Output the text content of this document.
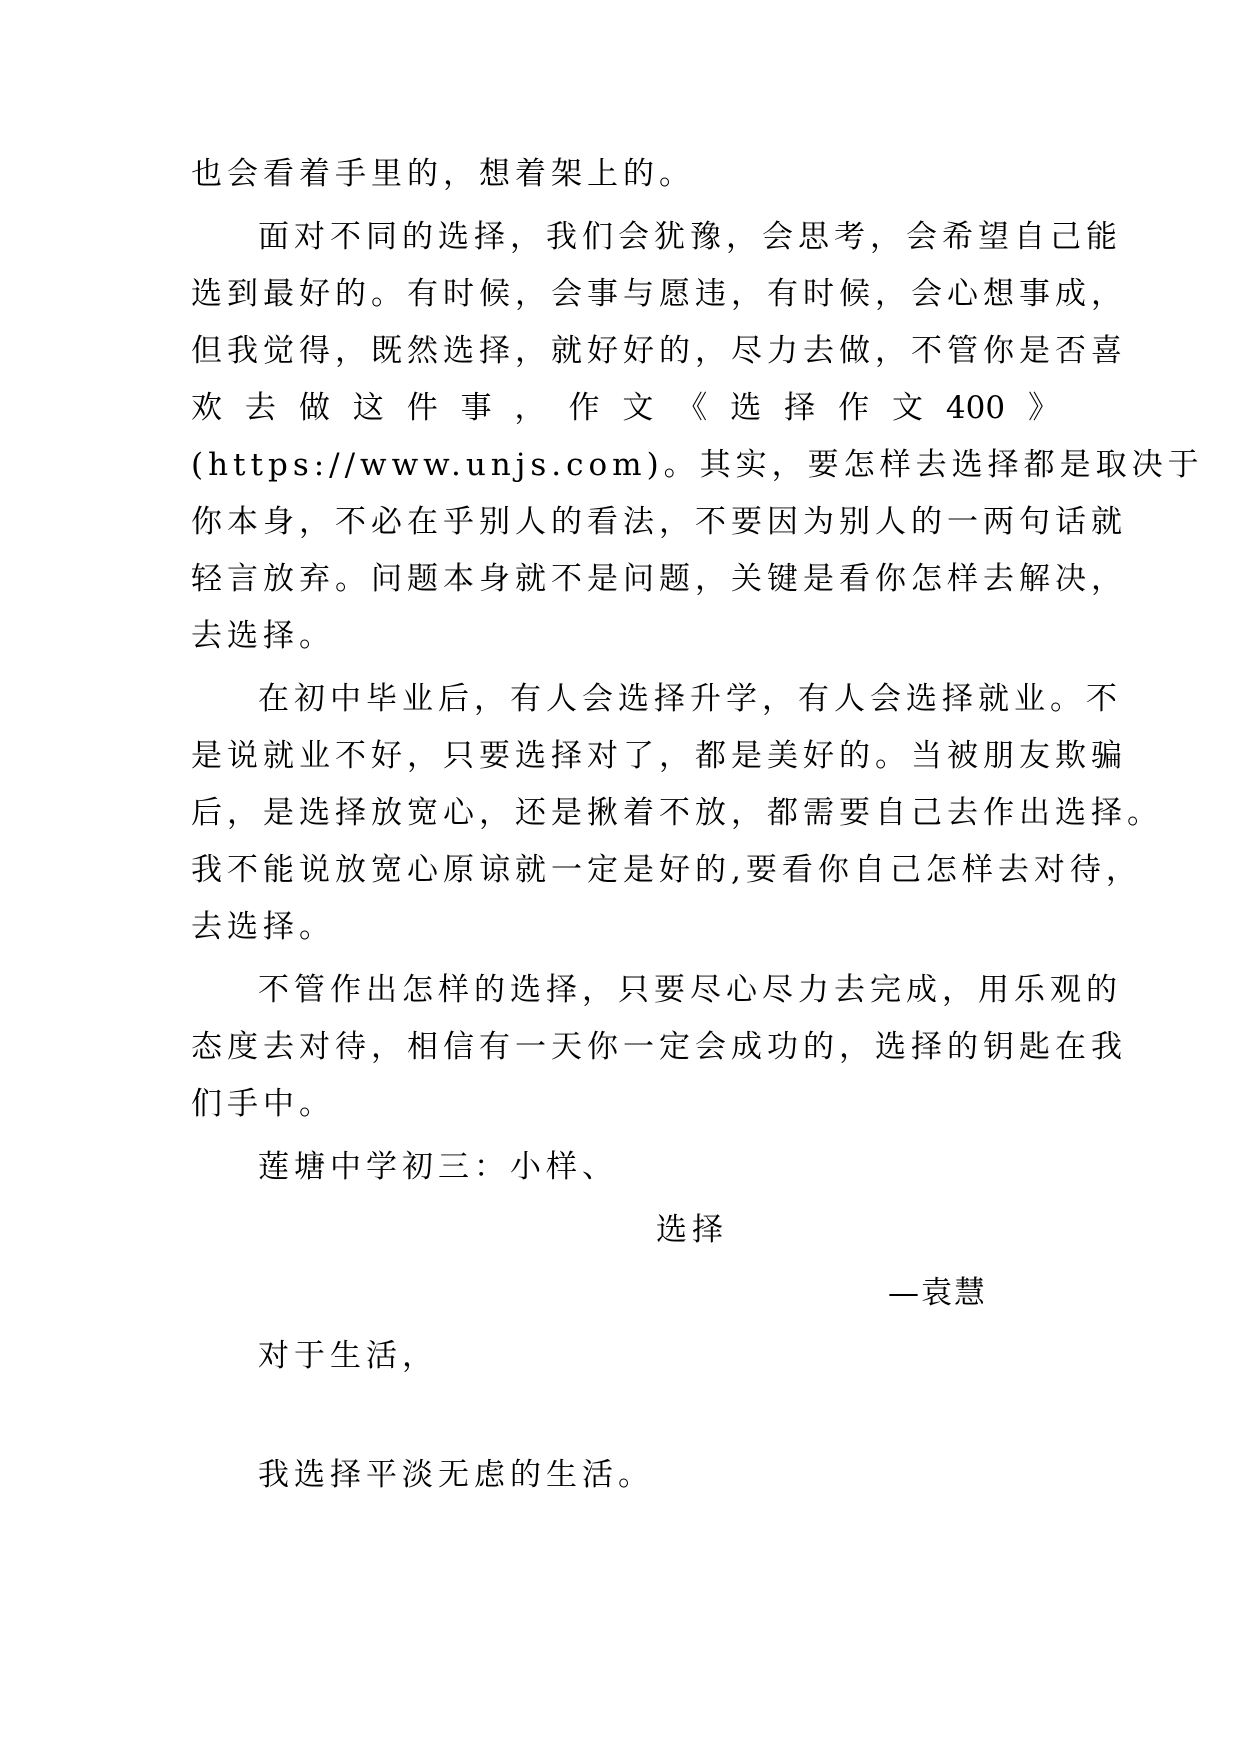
也会看着手里的，想着架上的。
面对不同的选择，我们会犹豫，会思考，会希望自己能
选到最好的。有时候，会事与愿违，有时候，会心想事成，
但我觉得，既然选择，就好好的，尽力去做，不管你是否喜
欢 去 做 这 件 事 ， 作 文 《 选 择 作 文 400 》
(https://www.unjs.com)。其实，要怎样去选择都是取决于
你本身，不必在乎别人的看法，不要因为别人的一两句话就
轻言放弃。问题本身就不是问题，关键是看你怎样去解决，
去选择。
在初中毕业后，有人会选择升学，有人会选择就业。不
是说就业不好，只要选择对了，都是美好的。当被朋友欺骗
后，是选择放宽心，还是揪着不放，都需要自己去作出选择。
我不能说放宽心原谅就一定是好的,要看你自己怎样去对待，
去选择。
不管作出怎样的选择，只要尽心尽力去完成，用乐观的
态度去对待，相信有一天你一定会成功的，选择的钥匙在我
们手中。
莲塘中学初三：小样、
选择
—袁慧
对于生活，
我选择平淡无虑的生活。
